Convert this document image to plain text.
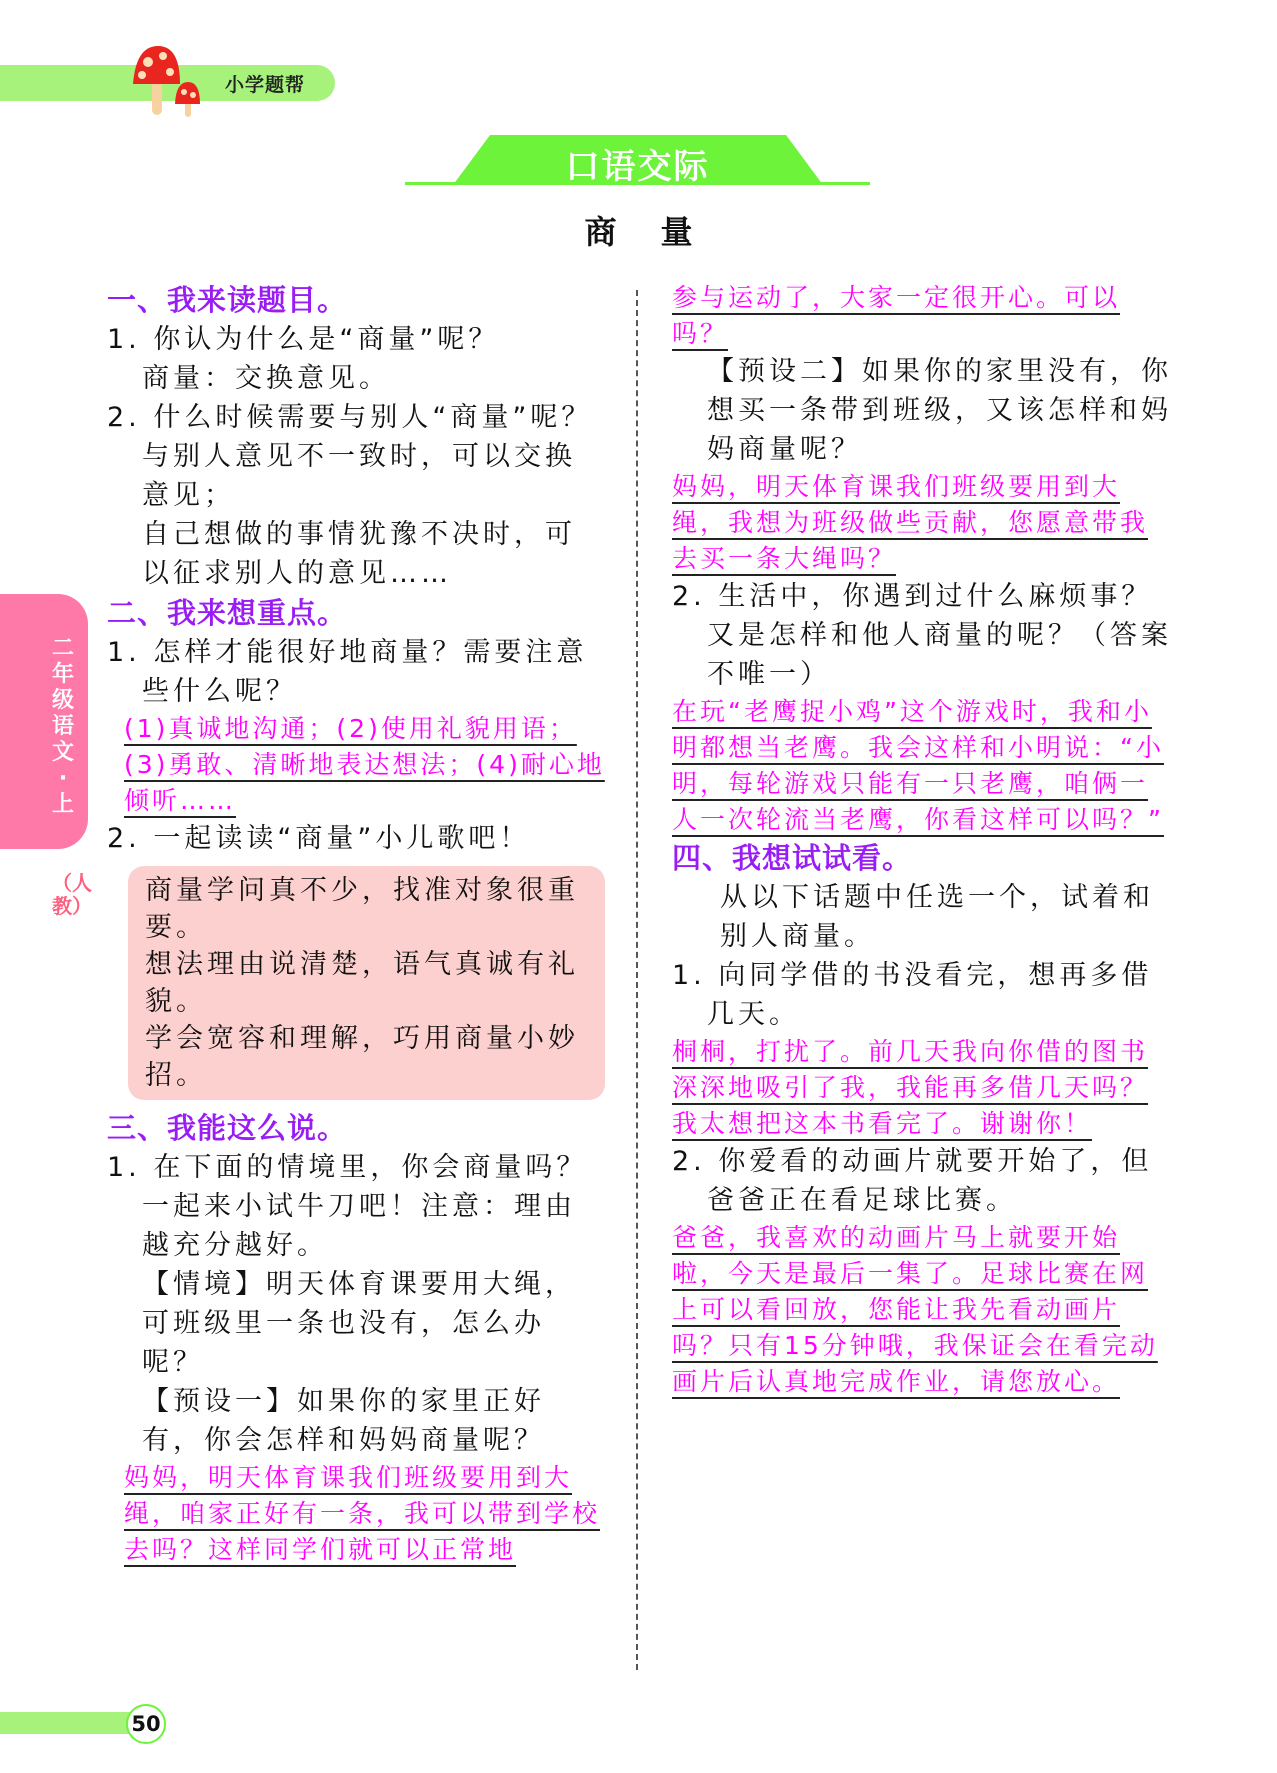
小学题帮
口语交际
商 量
二年级语文·上
（人教）
一、我来读题目。
1. 你认为什么是“商量”呢？
商量：交换意见。
2. 什么时候需要与别人“商量”呢？
与别人意见不一致时，可以交换意见；
自己想做的事情犹豫不决时，可以征求别人的意见……
二、我来想重点。
1. 怎样才能很好地商量？需要注意些什么呢？
(1)真诚地沟通；(2)使用礼貌用语；(3)勇敢、清晰地表达想法；(4)耐心地倾听……
2. 一起读读“商量”小儿歌吧！
商量学问真不少，找准对象很重要。
想法理由说清楚，语气真诚有礼貌。
学会宽容和理解，巧用商量小妙招。
三、我能这么说。
1. 在下面的情境里，你会商量吗？一起来小试牛刀吧！注意：理由越充分越好。
【情境】明天体育课要用大绳，可班级里一条也没有，怎么办呢？
【预设一】如果你的家里正好有，你会怎样和妈妈商量呢？
妈妈，明天体育课我们班级要用到大绳，咱家正好有一条，我可以带到学校去吗？这样同学们就可以正常地
参与运动了，大家一定很开心。可以吗？
【预设二】如果你的家里没有，你想买一条带到班级，又该怎样和妈妈商量呢？
妈妈，明天体育课我们班级要用到大绳，我想为班级做些贡献，您愿意带我去买一条大绳吗？
2. 生活中，你遇到过什么麻烦事？又是怎样和他人商量的呢？（答案不唯一）
在玩“老鹰捉小鸡”这个游戏时，我和小明都想当老鹰。我会这样和小明说：“小明，每轮游戏只能有一只老鹰，咱俩一人一次轮流当老鹰，你看这样可以吗？”
四、我想试试看。
从以下话题中任选一个，试着和别人商量。
1. 向同学借的书没看完，想再多借几天。
桐桐，打扰了。前几天我向你借的图书深深地吸引了我，我能再多借几天吗？我太想把这本书看完了。谢谢你！
2. 你爱看的动画片就要开始了，但爸爸正在看足球比赛。
爸爸，我喜欢的动画片马上就要开始啦，今天是最后一集了。足球比赛在网上可以看回放，您能让我先看动画片吗？只有15分钟哦，我保证会在看完动画片后认真地完成作业，请您放心。
50
